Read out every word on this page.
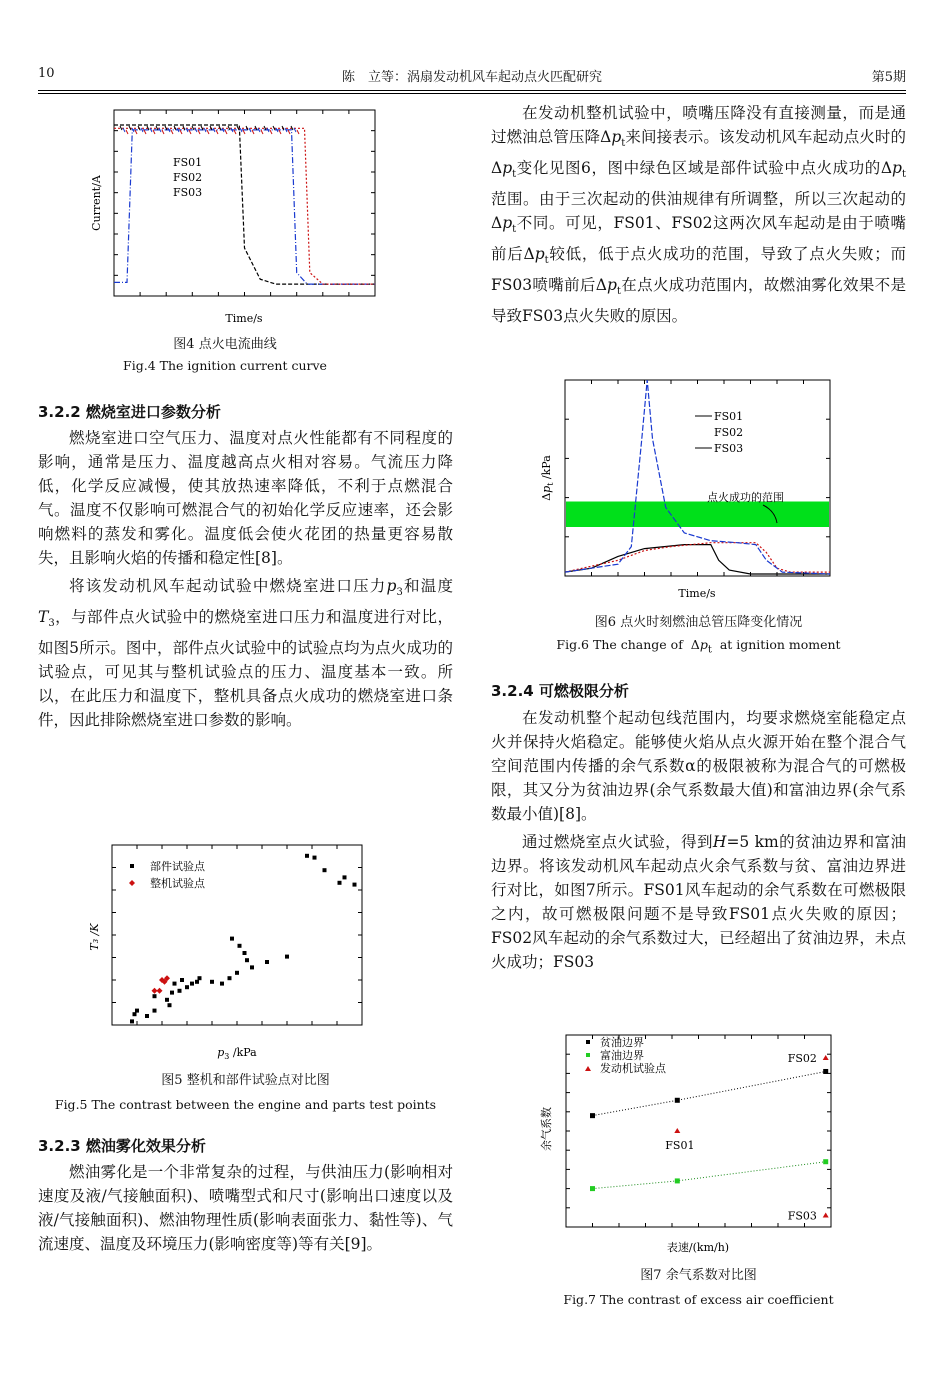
10	陈　立等：涡扇发动机风车起动点火匹配研究	第5期
FS01
FS02
FS03
Current/A
Time/s
图4 点火电流曲线
Fig.4 The ignition current curve
3.2.2 燃烧室进口参数分析

燃烧室进口空气压力、温度对点火性能都有不同程度的影响，通常是压力、温度越高点火相对容易。气流压力降低，化学反应减慢，使其放热速率降低，不利于点燃混合气。温度不仅影响可燃混合气的初始化学反应速率，还会影响燃料的蒸发和雾化。温度低会使火花团的热量更容易散失，且影响火焰的传播和稳定性[8]。

将该发动机风车起动试验中燃烧室进口压力$p_3$和温度$T_3$，与部件点火试验中的燃烧室进口压力和温度进行对比，如图5所示。图中，部件点火试验中的试验点均为点火成功的试验点，可见其与整机试验点的压力、温度基本一致。所以，在此压力和温度下，整机具备点火成功的燃烧室进口条件，因此排除燃烧室进口参数的影响。

部件试验点
整机试验点
T₃ /K
$p_3$ /kPa
图5 整机和部件试验点对比图
Fig.5 The contrast between the engine and parts test points
3.2.3 燃油雾化效果分析

燃油雾化是一个非常复杂的过程，与供油压力(影响相对速度及液/气接触面积)、喷嘴型式和尺寸(影响出口速度以及液/气接触面积)、燃油物理性质(影响表面张力、黏性等)、气流速度、温度及环境压力(影响密度等)等有关[9]。

在发动机整机试验中，喷嘴压降没有直接测量，而是通过燃油总管压降$\Delta p_t$来间接表示。该发动机风车起动点火时的$\Delta p_t$变化见图6，图中绿色区域是部件试验中点火成功的$\Delta p_t$范围。由于三次起动的供油规律有所调整，所以三次起动的$\Delta p_t$不同。可见，FS01、FS02这两次风车起动是由于喷嘴前后$\Delta p_t$较低，低于点火成功的范围，导致了点火失败；而FS03喷嘴前后$\Delta p_t$在点火成功范围内，故燃油雾化效果不是导致FS03点火失败的原因。

FS01
FS02
FS03
点火成功的范围
$\Delta p_t$ /kPa
Time/s
图6 点火时刻燃油总管压降变化情况
Fig.6 The change of  $\Delta p_t$ at ignition moment
3.2.4 可燃极限分析

在发动机整个起动包线范围内，均要求燃烧室能稳定点火并保持火焰稳定。能够使火焰从点火源开始在整个混合气空间范围内传播的余气系数α的极限被称为混合气的可燃极限，其又分为贫油边界(余气系数最大值)和富油边界(余气系数最小值)[8]。

通过燃烧室点火试验，得到H=5 km的贫油边界和富油边界。将该发动机风车起动点火余气系数与贫、富油边界进行对比，如图7所示。FS01风车起动的余气系数在可燃极限之内，故可燃极限问题不是导致FS01点火失败的原因；FS02风车起动的余气系数过大，已经超出了贫油边界，未点火成功；FS03

贫油边界
富油边界
发动机试验点
FS01
FS02
FS03
余气系数
表速/(km/h)
图7 余气系数对比图
Fig.7 The contrast of excess air coefficient
